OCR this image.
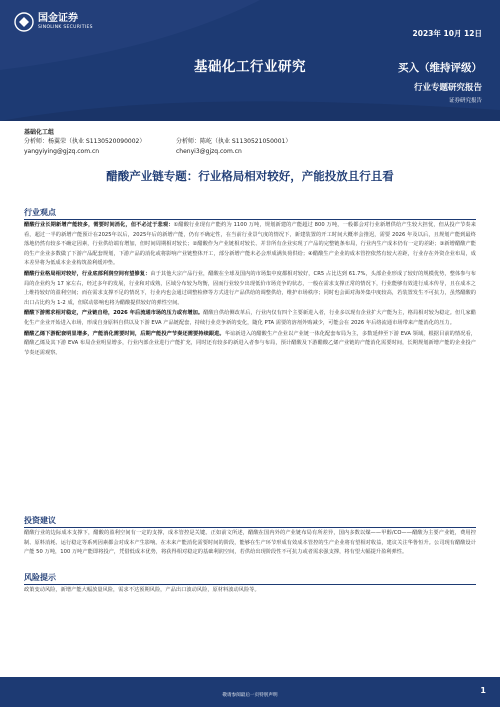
国金证券
SINOLINK SECURITIES
2023年 10月 12日
基础化工行业研究	买入（维持评级）
行业专题研究报告
证券研究报告
基础化工组
分析师：杨翼荣（执业 S1130520090002）
yangyiying@gjzq.com.cn
分析师：陈屹（执业 S1130521050001）
chenyi3@gjzq.com.cn
醋酸产业链专题：行业格局相对较好，产能投放且行且看
行业观点
醋酸行业长期新增产能较多，需要时间消化，但不必过于悲观：①醋酸行业现有产能约为 1100 万吨，规划新建的产能超过 800 万吨，一般都会对行业新增供给产生较大担忧，但从投产节奏来看，超过一半的新增产能预计在2025年以后，2025年后的新增产能，仍有不确定性，在当前行业景气度的情况下，新建装置的开工时间大概率会推迟，需要 2026 年及以后，且规划产能到最终落地仍然有较多不确定因素，行业供给端有增加，但时间周期相对较长；②醋酸作为产业链相对较长、并非所有企业实现了产品的完整链条布局，行业内生产成本仍有一定的差距；③新增醋酸产能的生产企业多数做了下游产品配套规划，下游产品的消化或将影响产业链整体开工，部分新增产能未必会形成满负荷供给；④醋酸生产企业的成本管控依然有较大差距，行业存在外资企业布局，成本差异将为低成本企业构筑盈利缓冲垫。
醋酸行业格局相对较好，行业底部利润空间有望修复：由于其他大宗产品行业，醋酸在全球及国内的市场集中度都相对较好，CR5 占比达到 61.7%，头部企业形成了较好的规模优势，整体参与布局的企业约为 17 家左右，经过多年的发展，行业和对成熟，区域分布较为均衡，固而行业较少出现低价市场竞争的状态，一般在需求支撑正常的情况下，行业能够有效进行成本传导，且在成本之上维持较好的盈利空间；而在需求支撑不足的情况下，行业内也会通过调整检修等方式进行产品供给的调整供给，维护市场秩序；同时也会面对海外集中度较高，若装置发生不可抗力，虽然醋酸的出口占比约为 1-2 成，但联动影响也将为醋酸提供较好的弹性空间。
醋酸下游需求相对稳定，产业链自给，2026 年后流通市场的压力或有增加。醋酸自供给侧改革后，行业内仅有四个主要新进入者，行业多以现有企业扩大产能为主，格局相对较为稳定。但几家醋化生产企业开始进入市场，形成自身原料自供以及下游 EVA 产品链配套，持续行业竞争新的变化，随化 PTA 需要的溶剂外购减少，可能会在 2026 年后络流通市场带来产能消化的压力。
醋酸乙烯下游配套明显增多，产能消化需要时间，后期产能投产节奏还需要持续跟进。华谊新进入的醋酸生产企业以产业链一体化配套布局为主，多数延伸至下游 EVA 领域，根据目前的情况看，醋酸乙烯及其下游 EVA 布局企业明显增多，行业内部企业进行产能扩充，同时还有较多的新进入者参与布局，预计醋酸及下游醋酸乙烯产业链的产能消化需要时间，长期规划新增产能的企业投产节奏还需观察。
投资建议
醋酸行业的边际成本支撑下，醋酸的盈利空间有一定的支撑，成本管控是关键。正如前文所述，醋酸在国内外的产业链布局有所差异，国内多数以煤——甲醇/CO——醋酸为主要产业链，费用控制、原料消耗、运行稳定等系列因素都会对成本产生影响。在未来产能消化需要时间的阶段，能够在生产环节形成有效成本管控的生产企业将有望相对收益，建议关注华鲁恒升。公司现有醋酸设计产能 50 万吨，100 万吨产能即将投产，凭借低成本优势，将获得相对稳定的基础利润空间，若供给出现阶段性不可抗力或者需求强支撑，将有望大幅提升盈利弹性。
风险提示
政策变动风险，新增产能大幅放量风险，需求不达预期风险，产品出口波动风险，原材料波动风险等。
敬请参阅最后一页特别声明
1
